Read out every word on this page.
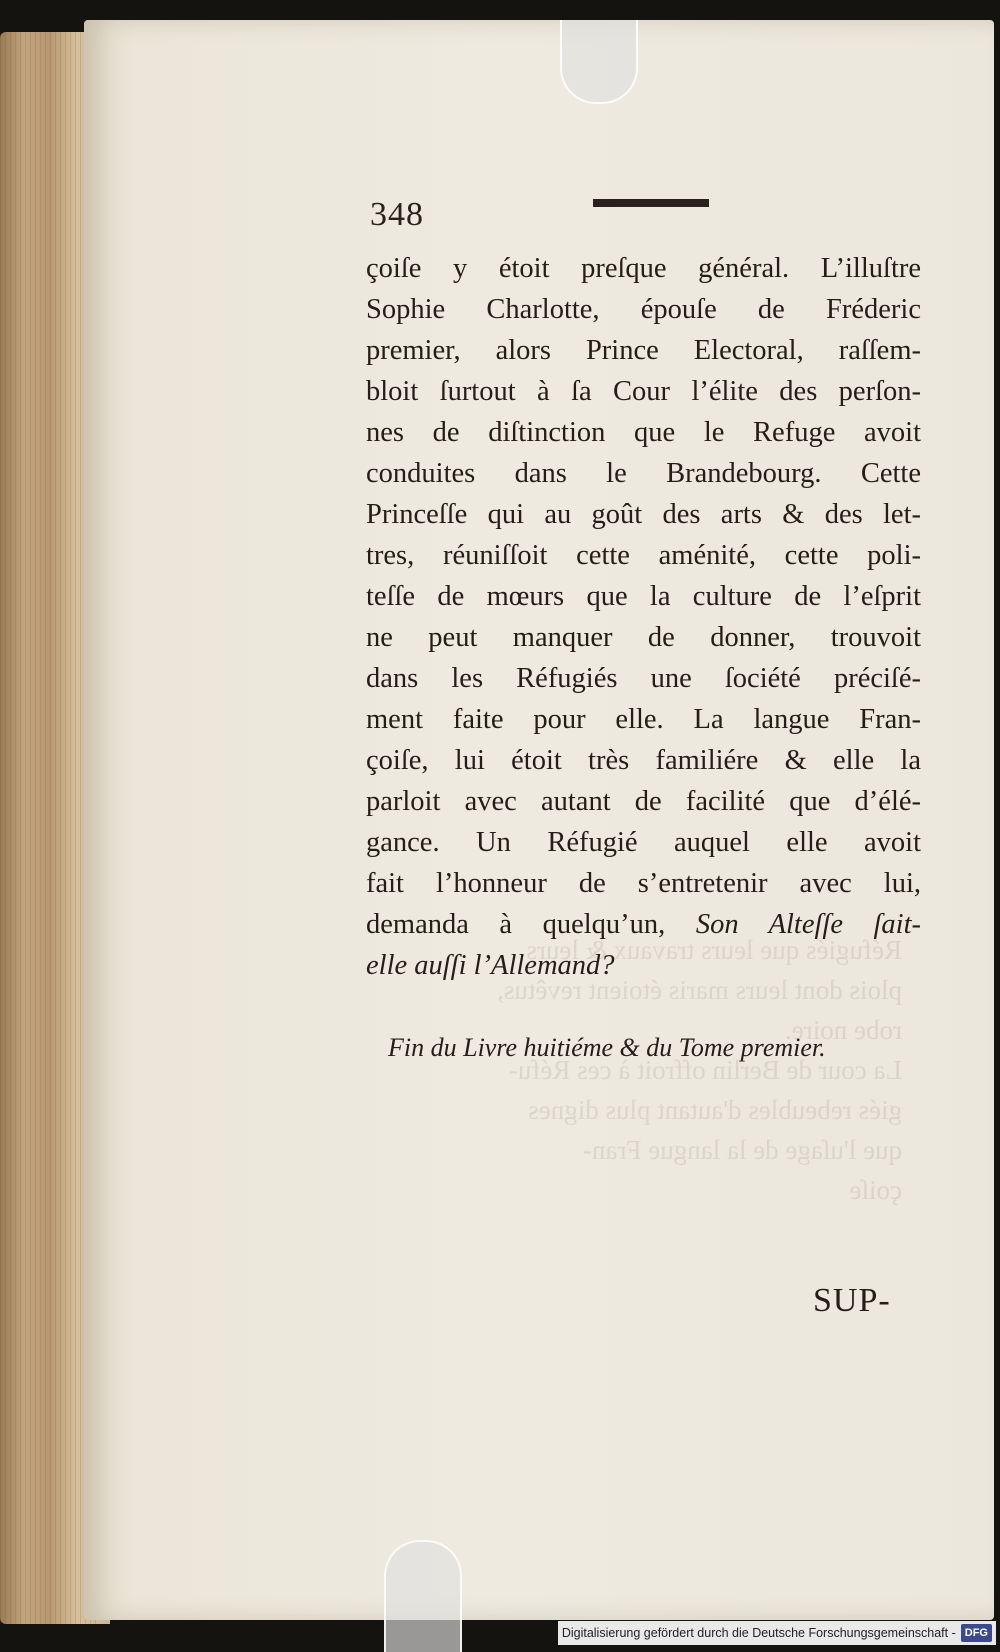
Réfugiés que leurs travaux & leurs
plois dont leurs maris étoient revêtus,
robe noire.
La cour de Berlin offroit à ces Réfu-
giés rebeubles d'autant plus dignes
que l'uſage de la langue Fran-
çoiſe
348
çoiſe y étoit preſque général. L’illuſtre
Sophie Charlotte, épouſe de Fréderic
premier, alors Prince Electoral, raſſem-
bloit ſurtout à ſa Cour l’élite des perſon-
nes de diſtinction que le Refuge avoit
conduites dans le Brandebourg. Cette
Princeſſe qui au goût des arts & des let-
tres, réuniſſoit cette aménité, cette poli-
teſſe de mœurs que la culture de l’eſprit
ne peut manquer de donner, trouvoit
dans les Réfugiés une ſociété préciſé-
ment faite pour elle. La langue Fran-
çoiſe, lui étoit très familiére & elle la
parloit avec autant de facilité que d’élé-
gance. Un Réfugié auquel elle avoit
fait l’honneur de s’entretenir avec lui,
demanda à quelqu’un, Son Alteſſe ſait-
elle auſſi l’Allemand?
Fin du Livre huitiéme & du Tome premier.
SUP-
Digitalisierung gefördert durch die Deutsche Forschungsgemeinschaft - DFG
